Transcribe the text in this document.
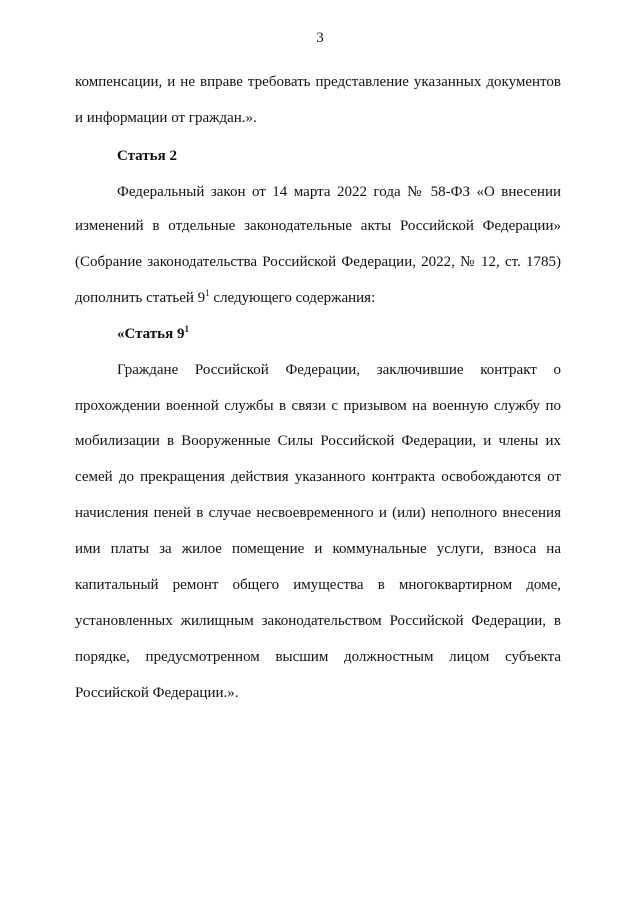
3
компенсации, и не вправе требовать представление указанных документов
и информации от граждан.».
Статья 2
Федеральный закон от 14 марта 2022 года № 58-ФЗ «О внесении
изменений в отдельные законодательные акты Российской Федерации»
(Собрание законодательства Российской Федерации, 2022, № 12, ст. 1785)
дополнить статьей $9^1$ следующего содержания:
«Статья $9^1$
Граждане Российской Федерации, заключившие контракт о
прохождении военной службы в связи с призывом на военную службу по
мобилизации в Вооруженные Силы Российской Федерации, и члены их
семей до прекращения действия указанного контракта освобождаются от
начисления пеней в случае несвоевременного и (или) неполного внесения
ими платы за жилое помещение и коммунальные услуги, взноса на
капитальный ремонт общего имущества в многоквартирном доме,
установленных жилищным законодательством Российской Федерации, в
порядке, предусмотренном высшим должностным лицом субъекта
Российской Федерации.».
